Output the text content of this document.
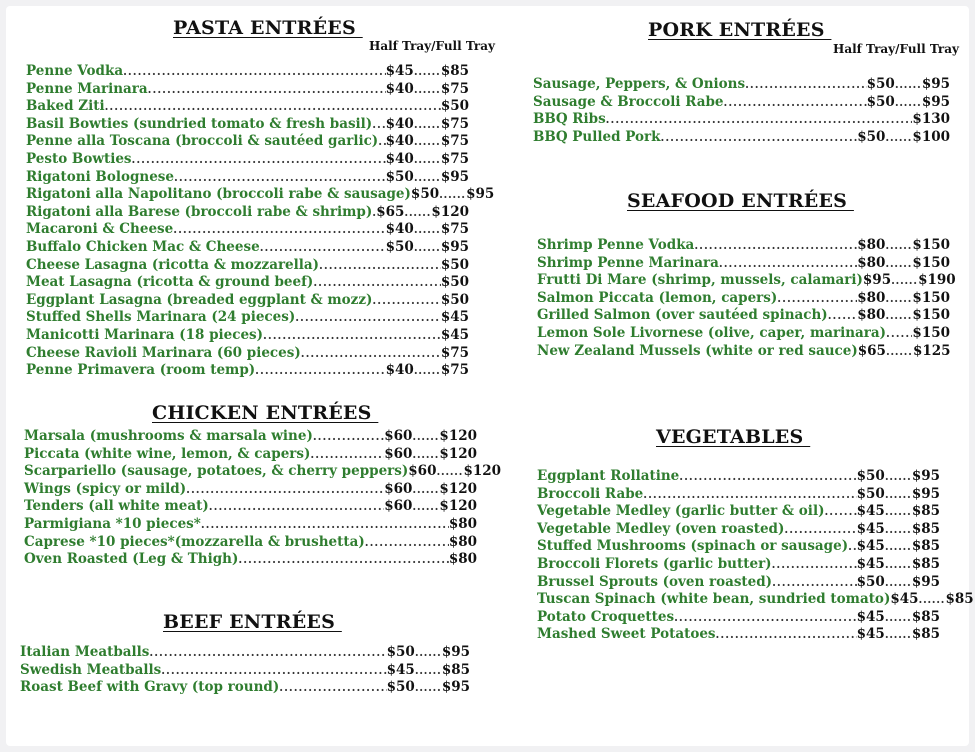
PASTA ENTRÉES
Half Tray/Full Tray
CHICKEN ENTRÉES
BEEF ENTRÉES
PORK ENTRÉES
Half Tray/Full Tray
SEAFOOD ENTRÉES
VEGETABLES
Penne Vodka .....	$45 ..... $85
Penne Marinara .....	$40 ..... $75
Baked Ziti .....	$50
Basil Bowties (sundried tomato & fresh basil) ..... $40 ..... $75
Penne alla Toscana (broccoli & sautéed garlic) ..... $40 ..... $75
Pesto Bowties .....	$40 ..... $75
Rigatoni Bolognese .....	$50 ..... $95
Rigatoni alla Napolitano (broccoli rabe & sausage) $50 ..... $95
Rigatoni alla Barese (broccoli rabe & shrimp) ..... $65 ..... $120
Macaroni & Cheese .....	$40 ..... $75
Buffalo Chicken Mac & Cheese .....	$50 ..... $95
Cheese Lasagna (ricotta & mozzarella) .....	$50
Meat Lasagna (ricotta & ground beef) .....	$50
Eggplant Lasagna (breaded eggplant & mozz) .....	$50
Stuffed Shells Marinara (24 pieces) .....	$45
Manicotti Marinara (18 pieces) .....	$45
Cheese Ravioli Marinara (60 pieces) .....	$75
Penne Primavera (room temp) .....	$40 ..... $75
Marsala (mushrooms & marsala wine) .....	$60 ..... $120
Piccata (white wine, lemon, & capers) .....	$60 ..... $120
Scarpariello (sausage, potatoes, & cherry peppers) $60 ..... $120
Wings (spicy or mild) .....	$60 ..... $120
Tenders (all white meat) .....	$60 ..... $120
Parmigiana *10 pieces* .....	$80
Caprese *10 pieces*(mozzarella & brushetta) .....	$80
Oven Roasted (Leg & Thigh) .....	$80
Italian Meatballs .....	$50 ..... $95
Swedish Meatballs .....	$45 ..... $85
Roast Beef with Gravy (top round) .....	$50 ..... $95
Sausage, Peppers, & Onions .....	$50 ..... $95
Sausage & Broccoli Rabe .....	$50 ..... $95
BBQ Ribs .....	$130
BBQ Pulled Pork .....	$50 ..... $100
Shrimp Penne Vodka .....	$80 ..... $150
Shrimp Penne Marinara .....	$80 ..... $150
Frutti Di Mare (shrimp, mussels, calamari) $95 ..... $190
Salmon Piccata (lemon, capers) .....	$80 ..... $150
Grilled Salmon (over sautéed spinach) ..... $80 ..... $150
Lemon Sole Livornese (olive, caper, marinara) ..... $150
New Zealand Mussels (white or red sauce) $65 ..... $125
Eggplant Rollatine .....	$50 ..... $95
Broccoli Rabe .....	$50 ..... $95
Vegetable Medley (garlic butter & oil) ..... $45 ..... $85
Vegetable Medley (oven roasted) .....	$45 ..... $85
Stuffed Mushrooms (spinach or sausage) ..... $45 ..... $85
Broccoli Florets (garlic butter) .....	$45 ..... $85
Brussel Sprouts (oven roasted) .....	$50 ..... $95
Tuscan Spinach (white bean, sundried tomato) $45 ..... $85
Potato Croquettes .....	$45 ..... $85
Mashed Sweet Potatoes .....	$45 ..... $85
